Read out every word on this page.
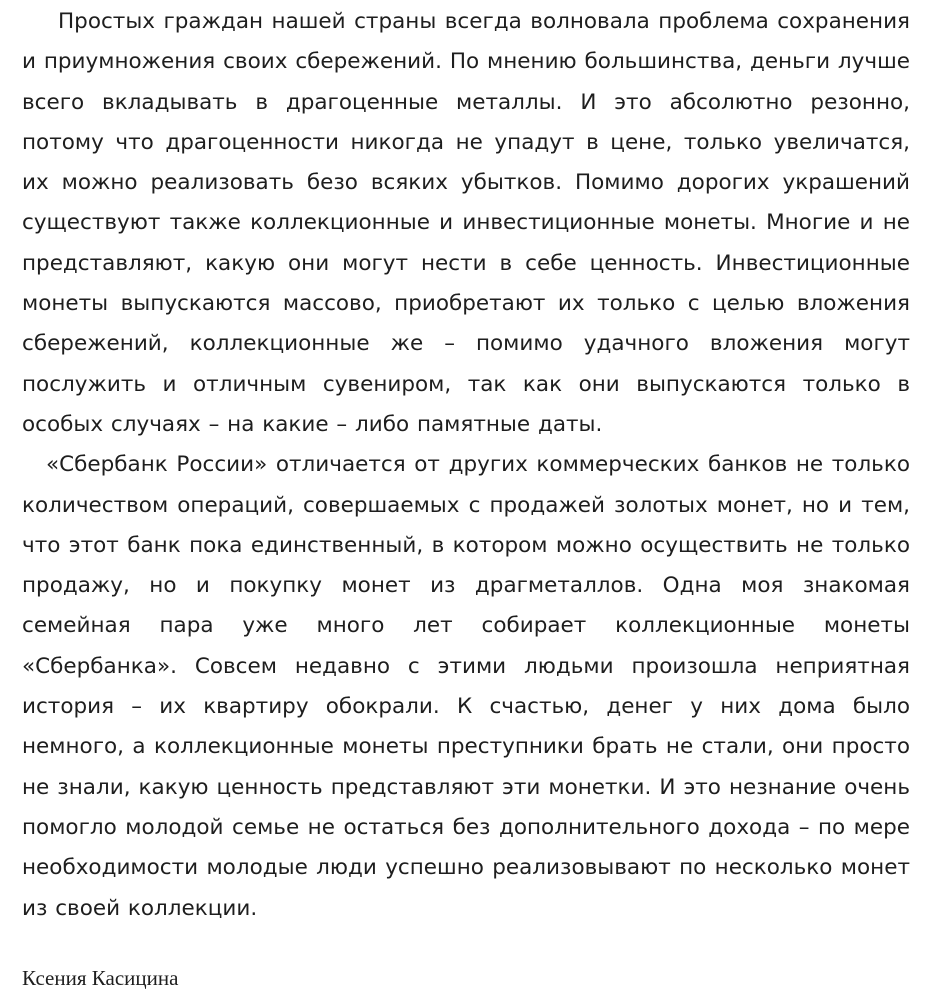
Простых граждан нашей страны всегда волновала проблема сохранения и приумножения своих сбережений. По мнению большинства, деньги лучше всего вкладывать в драгоценные металлы. И это абсолютно резонно, потому что драгоценности никогда не упадут в цене, только увеличатся, их можно реализовать безо всяких убытков. Помимо дорогих украшений существуют также коллекционные и инвестиционные монеты. Многие и не представляют, какую они могут нести в себе ценность. Инвестиционные монеты выпускаются массово, приобретают их только с целью вложения сбережений, коллекционные же – помимо удачного вложения могут послужить и отличным сувениром, так как они выпускаются только в особых случаях – на какие – либо памятные даты.

«Сбербанк России» отличается от других коммерческих банков не только количеством операций, совершаемых с продажей золотых монет, но и тем, что этот банк пока единственный, в котором можно осуществить не только продажу, но и покупку монет из драгметаллов. Одна моя знакомая семейная пара уже много лет собирает коллекционные монеты «Сбербанка». Совсем недавно с этими людьми произошла неприятная история – их квартиру обокрали. К счастью, денег у них дома было немного, а коллекционные монеты преступники брать не стали, они просто не знали, какую ценность представляют эти монетки. И это незнание очень помогло молодой семье не остаться без дополнительного дохода – по мере необходимости молодые люди успешно реализовывают по несколько монет из своей коллекции.

Ксения Касицина
